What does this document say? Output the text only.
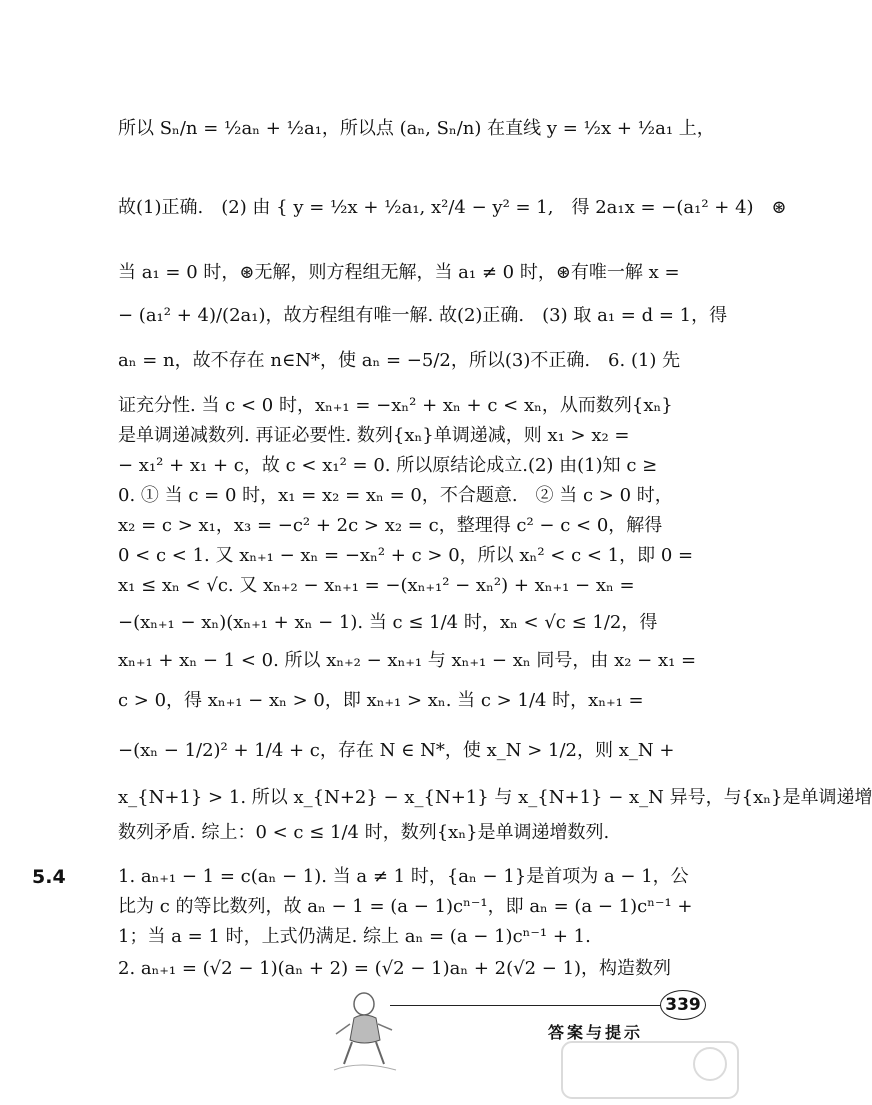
所以 Sₙ/n = ½aₙ + ½a₁，所以点 (aₙ, Sₙ/n) 在直线 y = ½x + ½a₁ 上，
故(1)正确.　(2) 由 { y = ½x + ½a₁, x²/4 − y² = 1,　得 2a₁x = −(a₁² + 4)　⊛
当 a₁ = 0 时，⊛无解，则方程组无解，当 a₁ ≠ 0 时，⊛有唯一解 x =
− (a₁² + 4)/(2a₁)，故方程组有唯一解. 故(2)正确.　(3) 取 a₁ = d = 1，得
aₙ = n，故不存在 n∈N*，使 aₙ = −5/2，所以(3)不正确.　6. (1) 先
证充分性. 当 c < 0 时，xₙ₊₁ = −xₙ² + xₙ + c < xₙ，从而数列{xₙ}
是单调递减数列. 再证必要性. 数列{xₙ}单调递减，则 x₁ > x₂ =
− x₁² + x₁ + c，故 c < x₁² = 0. 所以原结论成立.(2) 由(1)知 c ≥
0. ① 当 c = 0 时，x₁ = x₂ = xₙ = 0，不合题意.　② 当 c > 0 时，
x₂ = c > x₁，x₃ = −c² + 2c > x₂ = c，整理得 c² − c < 0，解得
0 < c < 1. 又 xₙ₊₁ − xₙ = −xₙ² + c > 0，所以 xₙ² < c < 1，即 0 =
x₁ ≤ xₙ < √c. 又 xₙ₊₂ − xₙ₊₁ = −(xₙ₊₁² − xₙ²) + xₙ₊₁ − xₙ =
−(xₙ₊₁ − xₙ)(xₙ₊₁ + xₙ − 1). 当 c ≤ 1/4 时，xₙ < √c ≤ 1/2，得
xₙ₊₁ + xₙ − 1 < 0. 所以 xₙ₊₂ − xₙ₊₁ 与 xₙ₊₁ − xₙ 同号，由 x₂ − x₁ =
c > 0，得 xₙ₊₁ − xₙ > 0，即 xₙ₊₁ > xₙ. 当 c > 1/4 时，xₙ₊₁ =
−(xₙ − 1/2)² + 1/4 + c，存在 N ∈ N*，使 x_N > 1/2，则 x_N +
x_{N+1} > 1. 所以 x_{N+2} − x_{N+1} 与 x_{N+1} − x_N 异号，与{xₙ}是单调递增
数列矛盾. 综上：0 < c ≤ 1/4 时，数列{xₙ}是单调递增数列.
5.4	1. aₙ₊₁ − 1 = c(aₙ − 1). 当 a ≠ 1 时，{aₙ − 1}是首项为 a − 1，公
比为 c 的等比数列，故 aₙ − 1 = (a − 1)cⁿ⁻¹，即 aₙ = (a − 1)cⁿ⁻¹ +
1；当 a = 1 时，上式仍满足. 综上 aₙ = (a − 1)cⁿ⁻¹ + 1.
2. aₙ₊₁ = (√2 − 1)(aₙ + 2) = (√2 − 1)aₙ + 2(√2 − 1)，构造数列
339
答案与提示
